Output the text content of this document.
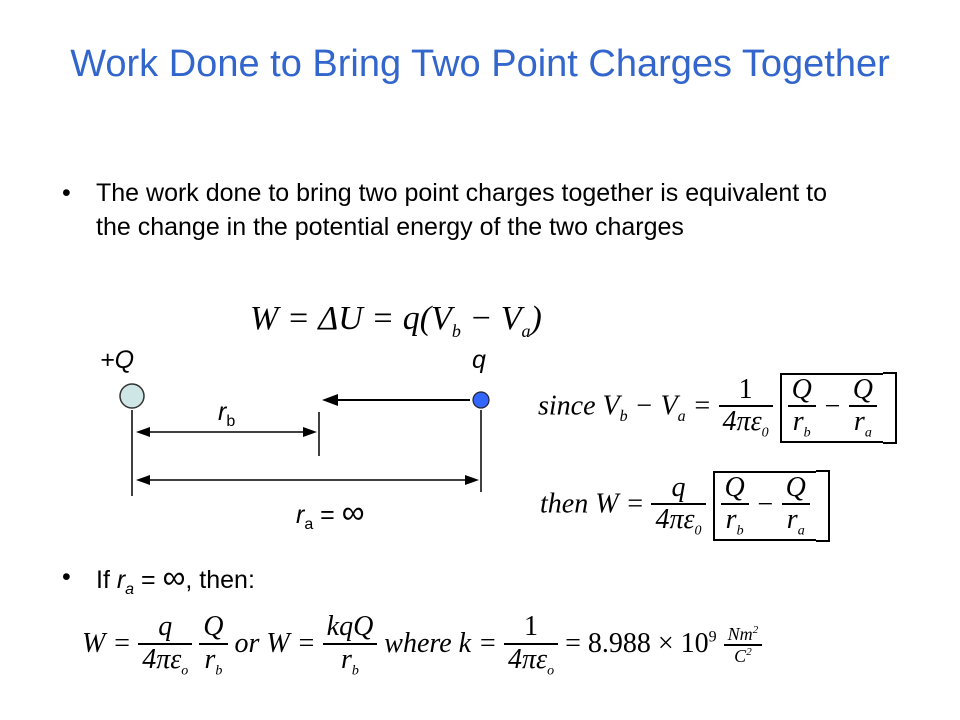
Work Done to Bring Two Point Charges Together
• The work done to bring two point charges together is equivalent to the change in the potential energy of the two charges
$W = \Delta U = q(V_b - V_a)$
+Q	q
$r_b$
$r_a$ = ∞
since $V_b - V_a = \frac{1}{4\pi\varepsilon_0}$
$\frac{Q}{r_b} - \frac{Q}{r_a}$
then $W = \frac{q}{4\pi\varepsilon_0}$
$\frac{Q}{r_b} - \frac{Q}{r_a}$
• If $r_a$ = ∞, then:
$W = \frac{q}{4\pi\varepsilon_o}$
$\frac{Q}{r_b}$ or $W = \frac{\text{kqQ}}{r_b}$ where $k = \frac{1}{4\pi\varepsilon_o} = 8.988 \times 10^9 \frac{Nm^2}{C^2}$
